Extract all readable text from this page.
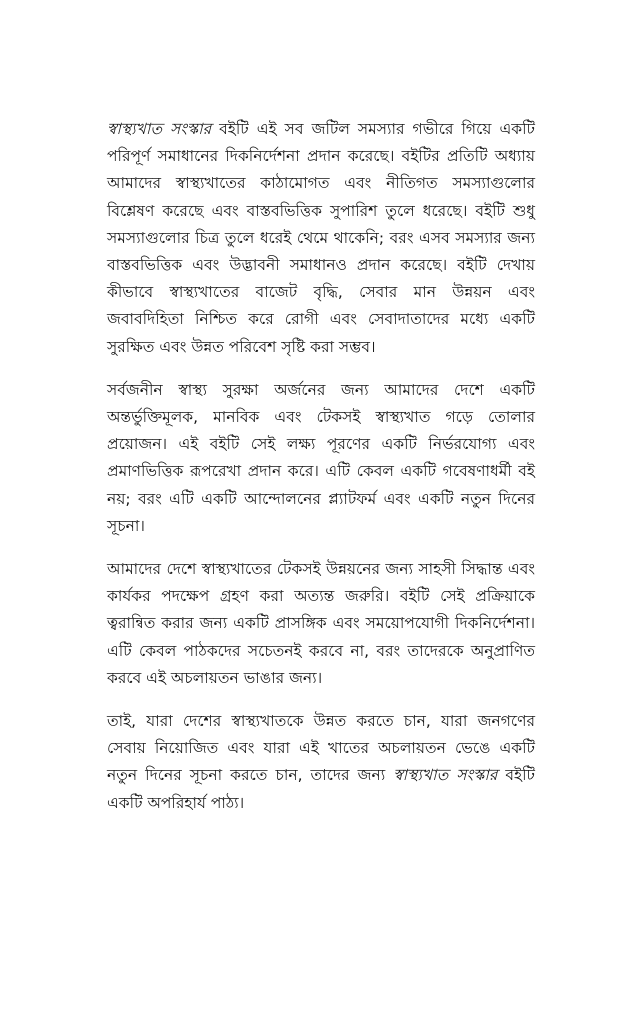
স্বাস্থ্যখাত সংস্কার বইটি এই সব জটিল সমস্যার গভীরে গিয়ে একটি পরিপূর্ণ সমাধানের দিকনির্দেশনা প্রদান করেছে। বইটির প্রতিটি অধ্যায় আমাদের স্বাস্থ্যখাতের কাঠামোগত এবং নীতিগত সমস্যাগুলোর বিশ্লেষণ করেছে এবং বাস্তবভিত্তিক সুপারিশ তুলে ধরেছে। বইটি শুধু সমস্যাগুলোর চিত্র তুলে ধরেই থেমে থাকেনি; বরং এসব সমস্যার জন্য বাস্তবভিত্তিক এবং উদ্ভাবনী সমাধানও প্রদান করেছে। বইটি দেখায় কীভাবে স্বাস্থ্যখাতের বাজেট বৃদ্ধি, সেবার মান উন্নয়ন এবং জবাবদিহিতা নিশ্চিত করে রোগী এবং সেবাদাতাদের মধ্যে একটি সুরক্ষিত এবং উন্নত পরিবেশ সৃষ্টি করা সম্ভব।

সর্বজনীন স্বাস্থ্য সুরক্ষা অর্জনের জন্য আমাদের দেশে একটি অন্তর্ভুক্তিমূলক, মানবিক এবং টেকসই স্বাস্থ্যখাত গড়ে তোলার প্রয়োজন। এই বইটি সেই লক্ষ্য পূরণের একটি নির্ভরযোগ্য এবং প্রমাণভিত্তিক রূপরেখা প্রদান করে। এটি কেবল একটি গবেষণাধর্মী বই নয়; বরং এটি একটি আন্দোলনের প্ল্যাটফর্ম এবং একটি নতুন দিনের সূচনা।

আমাদের দেশে স্বাস্থ্যখাতের টেকসই উন্নয়নের জন্য সাহসী সিদ্ধান্ত এবং কার্যকর পদক্ষেপ গ্রহণ করা অত্যন্ত জরুরি। বইটি সেই প্রক্রিয়াকে ত্বরান্বিত করার জন্য একটি প্রাসঙ্গিক এবং সময়োপযোগী দিকনির্দেশনা। এটি কেবল পাঠকদের সচেতনই করবে না, বরং তাদেরকে অনুপ্রাণিত করবে এই অচলায়তন ভাঙার জন্য।

তাই, যারা দেশের স্বাস্থ্যখাতকে উন্নত করতে চান, যারা জনগণের সেবায় নিয়োজিত এবং যারা এই খাতের অচলায়তন ভেঙে একটি নতুন দিনের সূচনা করতে চান, তাদের জন্য স্বাস্থ্যখাত সংস্কার বইটি একটি অপরিহার্য পাঠ্য।
